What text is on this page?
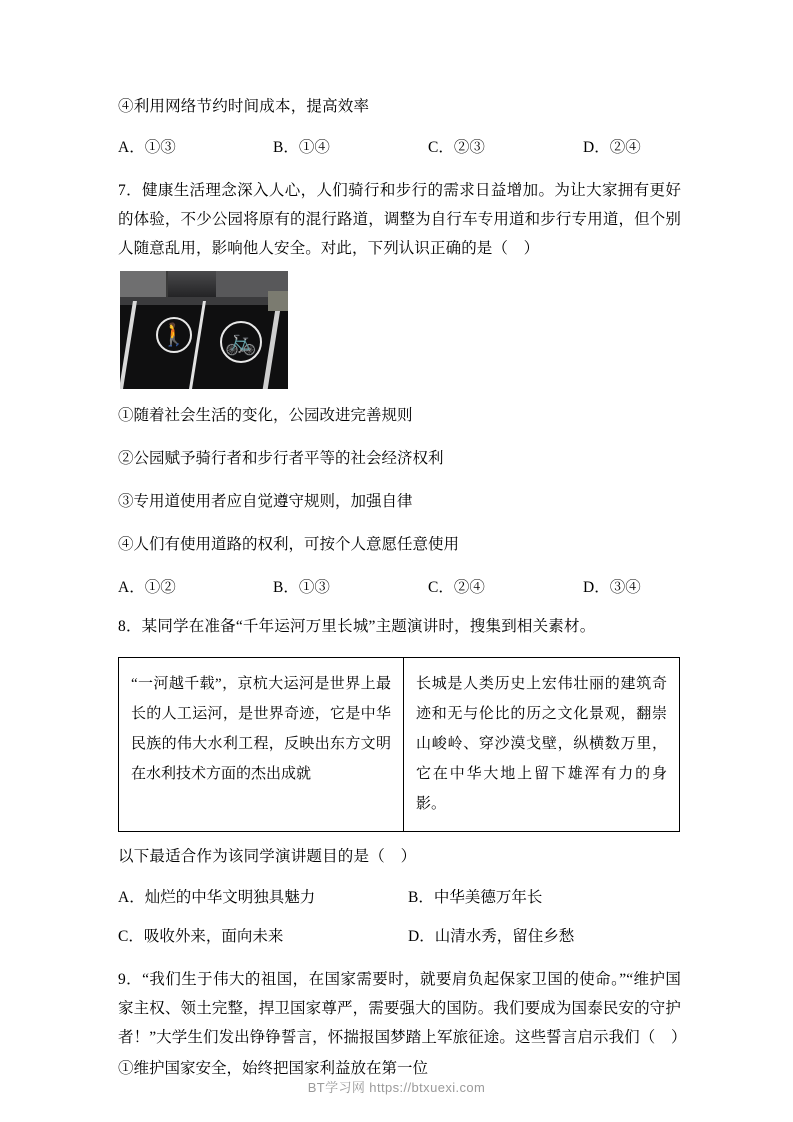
④利用网络节约时间成本，提高效率

A．①③	B．①④	C．②③	D．②④

7．健康生活理念深入人心，人们骑行和步行的需求日益增加。为让大家拥有更好的体验，不少公园将原有的混行路道，调整为自行车专用道和步行专用道，但个别人随意乱用，影响他人安全。对此，下列认识正确的是（　）

🚶 🚲

①随着社会生活的变化，公园改进完善规则

②公园赋予骑行者和步行者平等的社会经济权利

③专用道使用者应自觉遵守规则，加强自律

④人们有使用道路的权利，可按个人意愿任意使用

A．①②	B．①③	C．②④	D．③④

8．某同学在准备“千年运河万里长城”主题演讲时，搜集到相关素材。

“一河越千载”，京杭大运河是世界上最长的人工运河，是世界奇迹，它是中华民族的伟大水利工程，反映出东方文明在水利技术方面的杰出成就
长城是人类历史上宏伟壮丽的建筑奇迹和无与伦比的历之文化景观，翻崇山峻岭、穿沙漠戈壁，纵横数万里，它在中华大地上留下雄浑有力的身影。

以下最适合作为该同学演讲题目的是（　）

A．灿烂的中华文明独具魅力	B．中华美德万年长
C．吸收外来，面向未来	D．山清水秀，留住乡愁

9．“我们生于伟大的祖国，在国家需要时，就要肩负起保家卫国的使命。”“维护国家主权、领土完整，捍卫国家尊严，需要强大的国防。我们要成为国泰民安的守护者！”大学生们发出铮铮誓言，怀揣报国梦踏上军旅征途。这些誓言启示我们（　）

①维护国家安全，始终把国家利益放在第一位

BT学习网 https://btxuexi.com
